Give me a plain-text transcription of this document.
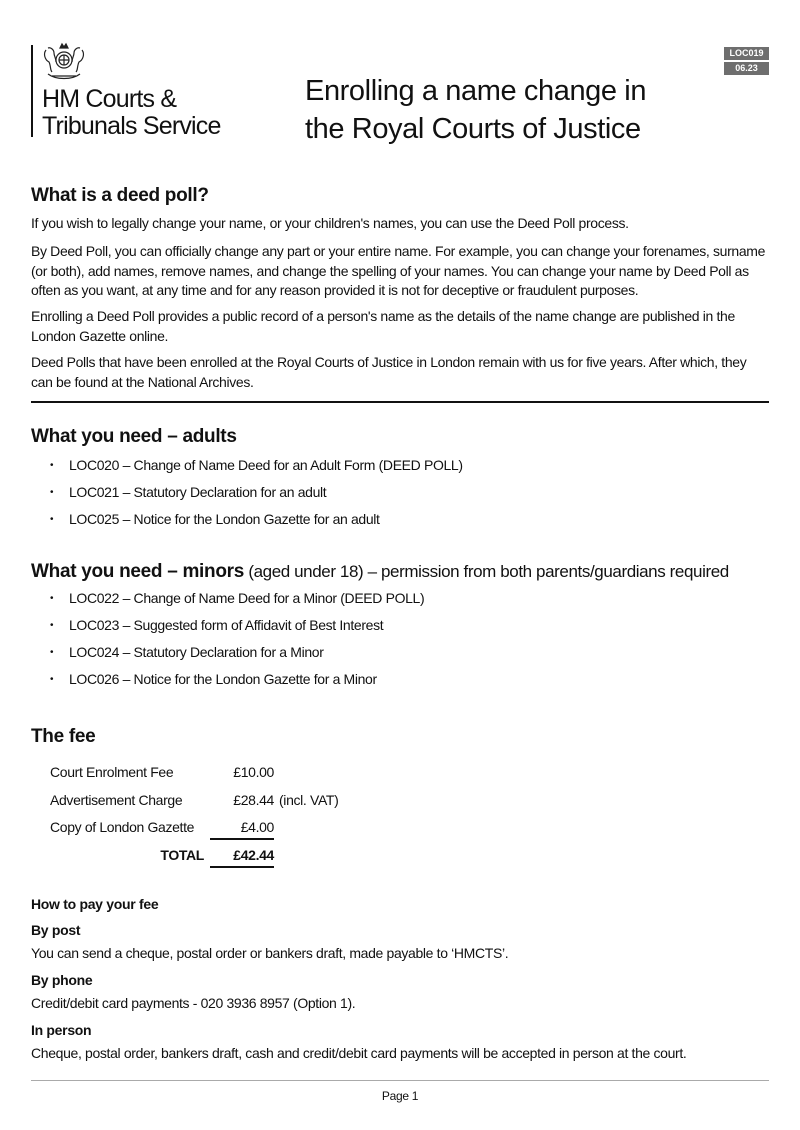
HM Courts &
Tribunals Service
Enrolling a name change in
the Royal Courts of Justice
LOC019
06.23
What is a deed poll?
If you wish to legally change your name, or your children's names, you can use the Deed Poll process.
By Deed Poll, you can officially change any part or your entire name. For example, you can change your forenames, surname (or both), add names, remove names, and change the spelling of your names. You can change your name by Deed Poll as often as you want, at any time and for any reason provided it is not for deceptive or fraudulent purposes.
Enrolling a Deed Poll provides a public record of a person's name as the details of the name change are published in the London Gazette online.
Deed Polls that have been enrolled at the Royal Courts of Justice in London remain with us for five years. After which, they can be found at the National Archives.
What you need – adults
• LOC020 – Change of Name Deed for an Adult Form (DEED POLL)
• LOC021 – Statutory Declaration for an adult
• LOC025 – Notice for the London Gazette for an adult
What you need – minors (aged under 18) – permission from both parents/guardians required
• LOC022 – Change of Name Deed for a Minor (DEED POLL)
• LOC023 – Suggested form of Affidavit of Best Interest
• LOC024 – Statutory Declaration for a Minor
• LOC026 – Notice for the London Gazette for a Minor
The fee
Court Enrolment Fee	£10.00
Advertisement Charge	£28.44 (incl. VAT)
Copy of London Gazette	£4.00
TOTAL	£42.44
How to pay your fee
By post
You can send a cheque, postal order or bankers draft, made payable to ‘HMCTS’.
By phone
Credit/debit card payments - 020 3936 8957 (Option 1).
In person
Cheque, postal order, bankers draft, cash and credit/debit card payments will be accepted in person at the court.
Page 1
